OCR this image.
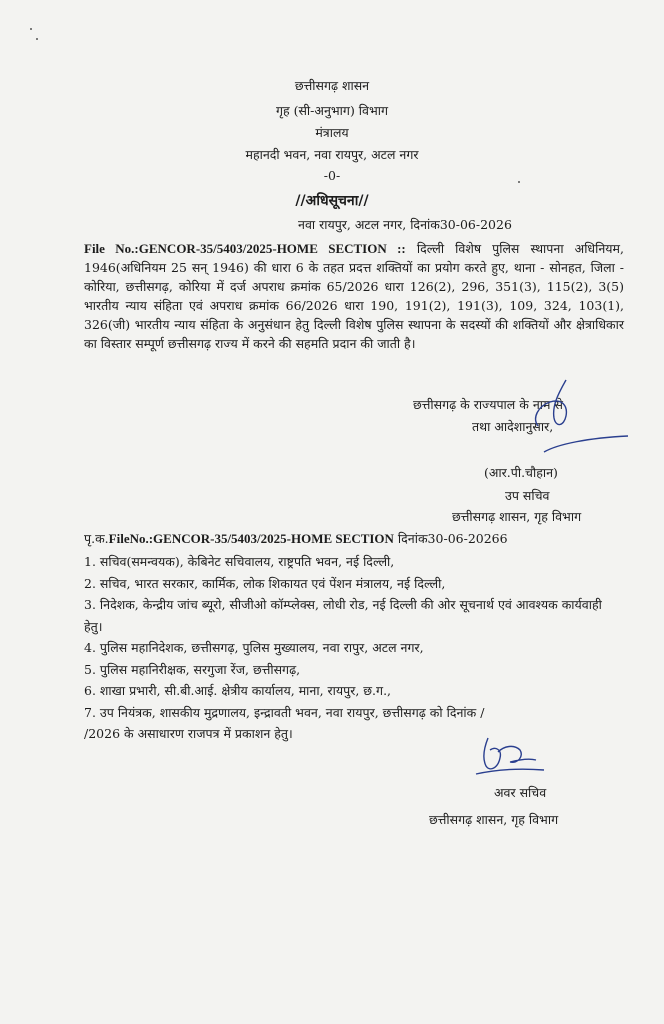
छत्तीसगढ़ शासन
गृह (सी-अनुभाग) विभाग
मंत्रालय
महानदी भवन, नवा रायपुर, अटल नगर
-0-
//अधिसूचना//
नवा रायपुर, अटल नगर, दिनांक30-06-2026
File No.:GENCOR-35/5403/2025-HOME SECTION :: दिल्ली विशेष पुलिस स्थापना अधिनियम, 1946(अधिनियम 25 सन् 1946) की धारा 6 के तहत प्रदत्त शक्तियों का प्रयोग करते हुए, थाना - सोनहत, जिला - कोरिया, छत्तीसगढ़, कोरिया में दर्ज अपराध क्रमांक 65/2026 धारा 126(2), 296, 351(3), 115(2), 3(5) भारतीय न्याय संहिता एवं अपराध क्रमांक 66/2026 धारा 190, 191(2), 191(3), 109, 324, 103(1), 326(जी) भारतीय न्याय संहिता के अनुसंधान हेतु दिल्ली विशेष पुलिस स्थापना के सदस्यों की शक्तियों और क्षेत्राधिकार का विस्तार सम्पूर्ण छत्तीसगढ़ राज्य में करने की सहमति प्रदान की जाती है।
छत्तीसगढ़ के राज्यपाल के नाम से
तथा आदेशानुसार,
(आर.पी.चौहान)
उप सचिव
छत्तीसगढ़ शासन, गृह विभाग
पृ.क.FileNo.:GENCOR-35/5403/2025-HOME SECTION दिनांक30-06-20266
1. सचिव(समन्वयक), केबिनेट सचिवालय, राष्ट्रपति भवन, नई दिल्ली,
2. सचिव, भारत सरकार, कार्मिक, लोक शिकायत एवं पेंशन मंत्रालय, नई दिल्ली,
3. निदेशक, केन्द्रीय जांच ब्यूरो, सीजीओ कॉम्प्लेक्स, लोधी रोड, नई दिल्ली की ओर सूचनार्थ एवं आवश्यक कार्यवाही हेतु।
4. पुलिस महानिदेशक, छत्तीसगढ़, पुलिस मुख्यालय, नवा रापुर, अटल नगर,
5. पुलिस महानिरीक्षक, सरगुजा रेंज, छत्तीसगढ़,
6. शाखा प्रभारी, सी.बी.आई. क्षेत्रीय कार्यालय, माना, रायपुर, छ.ग.,
7. उप नियंत्रक, शासकीय मुद्रणालय, इन्द्रावती भवन, नवा रायपुर, छत्तीसगढ़ को दिनांक /
/2026 के असाधारण राजपत्र में प्रकाशन हेतु।
अवर सचिव
छत्तीसगढ़ शासन, गृह विभाग
